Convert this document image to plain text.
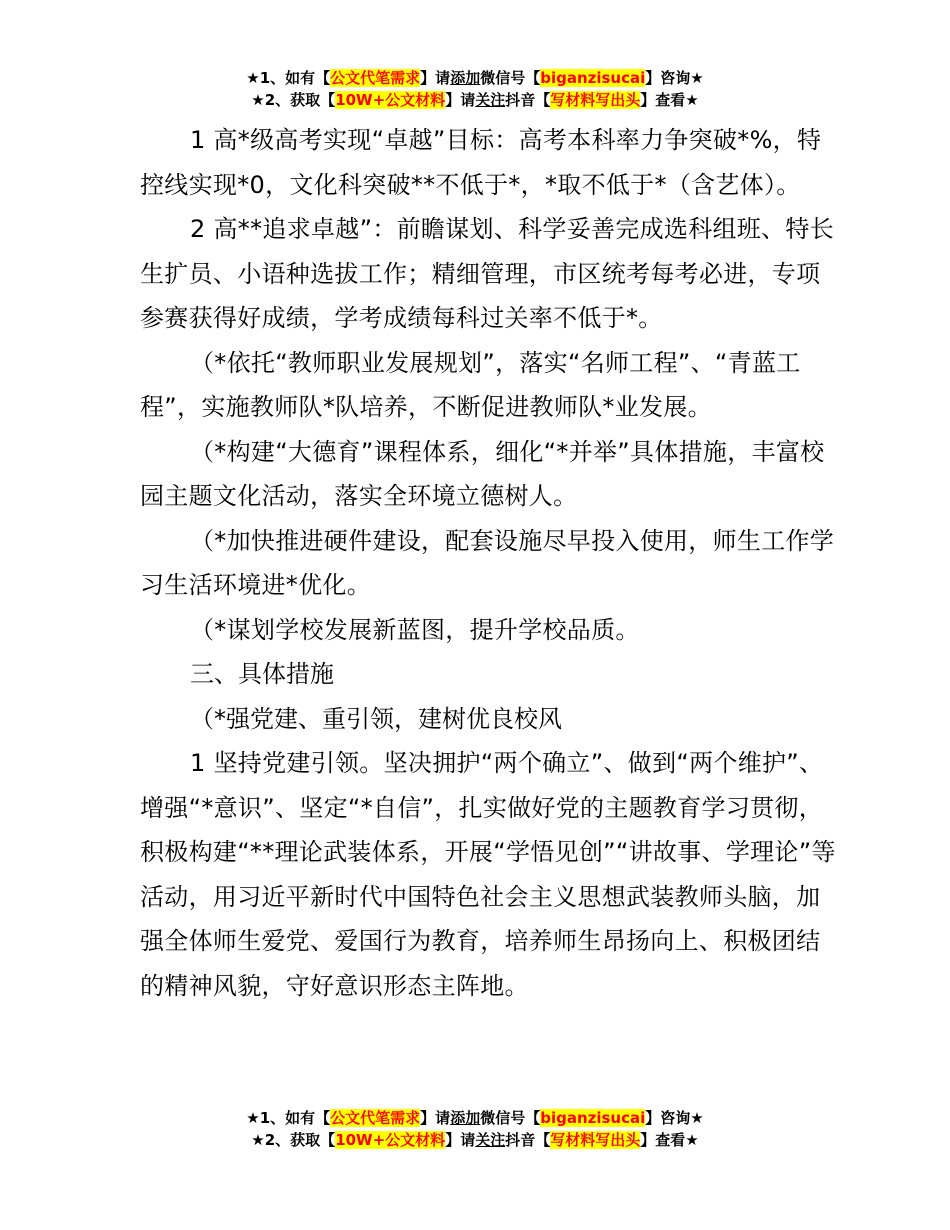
★1、如有【公文代笔需求】请添加微信号【biganzisucai】咨询★
★2、获取【10W+公文材料】请关注抖音【写材料写出头】查看★

1 高*级高考实现“卓越”目标：高考本科率力争突破*%，特控线实现*0，文化科突破**不低于*，*取不低于*（含艺体）。

2 高**追求卓越”：前瞻谋划、科学妥善完成选科组班、特长生扩员、小语种选拔工作；精细管理，市区统考每考必进，专项参赛获得好成绩，学考成绩每科过关率不低于*。

（*依托“教师职业发展规划”，落实“名师工程”、“青蓝工程”，实施教师队*队培养，不断促进教师队*业发展。

（*构建“大德育”课程体系，细化“*并举”具体措施，丰富校园主题文化活动，落实全环境立德树人。

（*加快推进硬件建设，配套设施尽早投入使用，师生工作学习生活环境进*优化。

（*谋划学校发展新蓝图，提升学校品质。

三、具体措施

（*强党建、重引领，建树优良校风

1 坚持党建引领。坚决拥护“两个确立”、做到“两个维护”、增强“*意识”、坚定“*自信”，扎实做好党的主题教育学习贯彻，积极构建“**理论武装体系，开展“学悟见创”“讲故事、学理论”等活动，用习近平新时代中国特色社会主义思想武装教师头脑，加强全体师生爱党、爱国行为教育，培养师生昂扬向上、积极团结的精神风貌，守好意识形态主阵地。

★1、如有【公文代笔需求】请添加微信号【biganzisucai】咨询★
★2、获取【10W+公文材料】请关注抖音【写材料写出头】查看★
